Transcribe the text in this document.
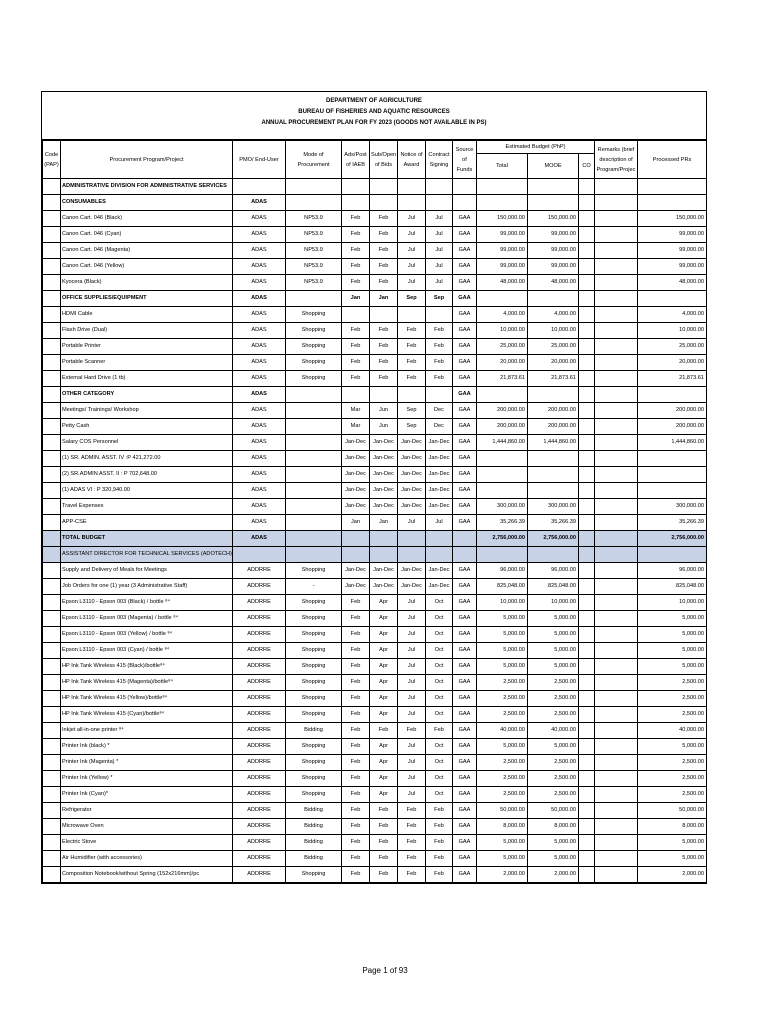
DEPARTMENT OF AGRICULTURE
BUREAU OF FISHERIES AND AQUATIC RESOURCES
ANNUAL PROCUREMENT PLAN FOR FY 2023 (GOODS NOT AVAILABLE IN PS)
Code (PAP)	Procurement Program/Project	PMO/ End-User	Mode of Procurement	Ads/Post of IAEB	Sub/Open of Bids	Notice of Award	Contract Signing	Source of Funds	Estimated Budget (PhP)			Remarks (brief description of Program/Projec	Processed PRs
									Total	MOOE	CO		
	ADMINISTRATIVE DIVISION FOR ADMINISTRATIVE SERVICES												
	CONSUMABLES	ADAS											
	Canon Cart. 046 (Black)	ADAS	NP53.9	Feb	Feb	Jul	Jul	GAA	150,000.00	150,000.00			150,000.00
	Canon Cart. 046 (Cyan)	ADAS	NP53.9	Feb	Feb	Jul	Jul	GAA	99,000.00	99,000.00			99,000.00
	Canon Cart. 046 (Magenta)	ADAS	NP53.9	Feb	Feb	Jul	Jul	GAA	99,000.00	99,000.00			99,000.00
	Canon Cart. 046 (Yellow)	ADAS	NP53.9	Feb	Feb	Jul	Jul	GAA	99,000.00	99,000.00			99,000.00
	Kyocera (Black)	ADAS	NP53.9	Feb	Feb	Jul	Jul	GAA	48,000.00	48,000.00			48,000.00
	OFFICE SUPPLIES/EQUIPMENT	ADAS		Jan	Jan	Sep	Sep	GAA					
	HDMI Cable	ADAS	Shopping					GAA	4,000.00	4,000.00			4,000.00
	Flash Drive (Dual)	ADAS	Shopping	Feb	Feb	Feb	Feb	GAA	10,000.00	10,000.00			10,000.00
	Portable Printer	ADAS	Shopping	Feb	Feb	Feb	Feb	GAA	25,000.00	25,000.00			25,000.00
	Portable Scanner	ADAS	Shopping	Feb	Feb	Feb	Feb	GAA	20,000.00	20,000.00			20,000.00
	External Hard Drive (1 tb)	ADAS	Shopping	Feb	Feb	Feb	Feb	GAA	21,873.61	21,873.61			21,873.61
	OTHER CATEGORY	ADAS						GAA					
	Meetings/ Trainings/ Workshop	ADAS		Mar	Jun	Sep	Dec	GAA	200,000.00	200,000.00			200,000.00
	Petty Cash	ADAS		Mar	Jun	Sep	Dec	GAA	200,000.00	200,000.00			200,000.00
	Salary COS Personnel	ADAS		Jan-Dec	Jan-Dec	Jan-Dec	Jan-Dec	GAA	1,444,860.00	1,444,860.00			1,444,860.00
	(1) SR. ADMIN. ASST. IV :P 421,272.00	ADAS		Jan-Dec	Jan-Dec	Jan-Dec	Jan-Dec	GAA					
	(2) SR.ADMIN ASST. II : P 702,648.00	ADAS		Jan-Dec	Jan-Dec	Jan-Dec	Jan-Dec	GAA					
	(1) ADAS VI : P 320,940.00	ADAS		Jan-Dec	Jan-Dec	Jan-Dec	Jan-Dec	GAA					
	Travel Expenses	ADAS		Jan-Dec	Jan-Dec	Jan-Dec	Jan-Dec	GAA	300,000.00	300,000.00			300,000.00
	APP-CSE	ADAS		Jan	Jan	Jul	Jul	GAA	35,266.39	35,266.39			35,266.39
	TOTAL BUDGET	ADAS							2,756,000.00	2,756,000.00			2,756,000.00
	ASSISTANT DIRECTOR FOR TECHNICAL SERVICES (ADOTECH)												
	Supply and Delivery of Meals for Meetings	ADDRRE	Shopping	Jan-Dec	Jan-Dec	Jan-Dec	Jan-Dec	GAA	96,000.00	96,000.00			96,000.00
	Job Orders for one (1) year (3 Administrative Staff)	ADDRRE	-	Jan-Dec	Jan-Dec	Jan-Dec	Jan-Dec	GAA	825,048.00	825,048.00			825,048.00
	Epson L3110 - Epson 003 (Black) / bottle ⁸⁴	ADDRRE	Shopping	Feb	Apr	Jul	Oct	GAA	10,000.00	10,000.00			10,000.00
	Epson L3110 - Epson 003 (Magenta) / bottle ⁸⁴	ADDRRE	Shopping	Feb	Apr	Jul	Oct	GAA	5,000.00	5,000.00			5,000.00
	Epson L3110 - Epson 003 (Yellow) / bottle ⁸⁴	ADDRRE	Shopping	Feb	Apr	Jul	Oct	GAA	5,000.00	5,000.00			5,000.00
	Epson L3110 - Epson 003 (Cyan) / bottle ⁸⁴	ADDRRE	Shopping	Feb	Apr	Jul	Oct	GAA	5,000.00	5,000.00			5,000.00
	HP Ink Tank Wireless 415 (Black)/bottle⁸⁴	ADDRRE	Shopping	Feb	Apr	Jul	Oct	GAA	5,000.00	5,000.00			5,000.00
	HP Ink Tank Wireless 415 (Magenta)/bottle⁸⁴	ADDRRE	Shopping	Feb	Apr	Jul	Oct	GAA	2,500.00	2,500.00			2,500.00
	HP Ink Tank Wireless 415 (Yellow)/bottle⁸⁴	ADDRRE	Shopping	Feb	Apr	Jul	Oct	GAA	2,500.00	2,500.00			2,500.00
	HP Ink Tank Wireless 415 (Cyan)/bottle⁸⁴	ADDRRE	Shopping	Feb	Apr	Jul	Oct	GAA	2,500.00	2,500.00			2,500.00
	Inkjet all-in-one printer ⁸⁴	ADDRRE	Bidding	Feb	Feb	Feb	Feb	GAA	40,000.00	40,000.00			40,000.00
	Printer Ink (black) *	ADDRRE	Shopping	Feb	Apr	Jul	Oct	GAA	5,000.00	5,000.00			5,000.00
	Printer Ink (Magenta) *	ADDRRE	Shopping	Feb	Apr	Jul	Oct	GAA	2,500.00	2,500.00			2,500.00
	Printer Ink (Yellow) *	ADDRRE	Shopping	Feb	Apr	Jul	Oct	GAA	2,500.00	2,500.00			2,500.00
	Printer Ink (Cyan)*	ADDRRE	Shopping	Feb	Apr	Jul	Oct	GAA	2,500.00	2,500.00			2,500.00
	Refrigerator	ADDRRE	Bidding	Feb	Feb	Feb	Feb	GAA	50,000.00	50,000.00			50,000.00
	Microwave Oven	ADDRRE	Bidding	Feb	Feb	Feb	Feb	GAA	8,000.00	8,000.00			8,000.00
	Electric Stove	ADDRRE	Bidding	Feb	Feb	Feb	Feb	GAA	5,000.00	5,000.00			5,000.00
	Air Humidifier (with accessories)	ADDRRE	Bidding	Feb	Feb	Feb	Feb	GAA	5,000.00	5,000.00			5,000.00
	Composition Notebook/without Spring (152x216mm)/pc	ADDRRE	Shopping	Feb	Feb	Feb	Feb	GAA	2,000.00	2,000.00			2,000.00
Page 1 of 93
